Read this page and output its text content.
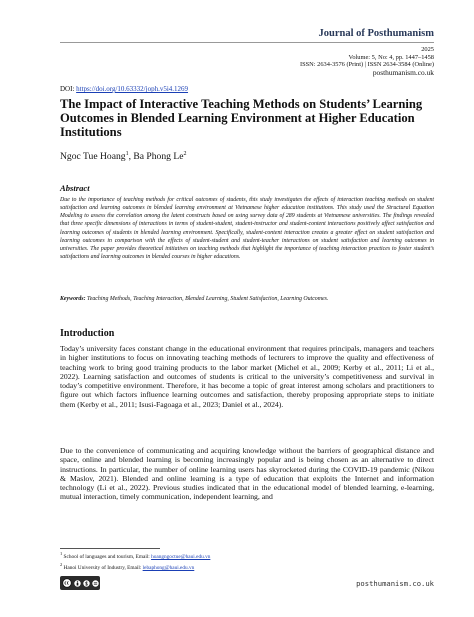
Journal of Posthumanism
2025
Volume: 5, No: 4, pp. 1447–1458
ISSN: 2634-3576 (Print) | ISSN 2634-3584 (Online)
posthumanism.co.uk
DOI: https://doi.org/10.63332/joph.v5i4.1269
The Impact of Interactive Teaching Methods on Students’ Learning Outcomes in Blended Learning Environment at Higher Education Institutions
Ngoc Tue Hoang$^1$, Ba Phong Le$^2$
Abstract

Due to the importance of teaching methods for critical outcomes of students, this study investigates the effects of interaction teaching methods on student satisfaction and learning outcomes in blended learning environment at Vietnamese higher education institutions. This study used the Structural Equation Modeling to assess the correlation among the latent constructs based on using survey data of 289 students at Vietnamese universities. The findings revealed that three specific dimensions of interactions in terms of student-student, student-instructor and student-content interactions positively affect satisfaction and learning outcomes of students in blended learning environment. Specifically, student-content interaction creates a greater effect on student satisfaction and learning outcomes in comparison with the effects of student-student and student-teacher interactions on student satisfaction and learning outcomes in universities. The paper provides theoretical initiatives on teaching methods that highlight the importance of teaching interaction practices to foster student’s satisfactions and learning outcomes in blended courses in higher educations.

Keywords: Teaching Methods, Teaching Interaction, Blended Learning, Student Satisfaction, Learning Outcomes.
Introduction

Today’s university faces constant change in the educational environment that requires principals, managers and teachers in higher institutions to focus on innovating teaching methods of lecturers to improve the quality and effectiveness of teaching work to bring good training products to the labor market (Michel et al., 2009; Kerby et al., 2011; Li et al., 2022). Learning satisfaction and outcomes of students is critical to the university’s competitiveness and survival in today’s competitive environment. Therefore, it has become a topic of great interest among scholars and practitioners to figure out which factors influence learning outcomes and satisfaction, thereby proposing appropriate steps to initiate them (Kerby et al., 2011; Isusi-Fagoaga et al., 2023; Daniel et al., 2024).

Due to the convenience of communicating and acquiring knowledge without the barriers of geographical distance and space, online and blended learning is becoming increasingly popular and is being chosen as an alternative to direct instructions. In particular, the number of online learning users has skyrocketed during the COVID-19 pandemic (Nikou & Maslov, 2021). Blended and online learning is a type of education that exploits the Internet and information technology (Li et al., 2022). Previous studies indicated that in the educational model of blended learning, e-learning, mutual interaction, timely communication, independent learning, and

$^1$ School of languages and tourism, Email: hoangngoctue@haui.edu.vn
$^2$ Hanoi University of Industry, Email: lebaphong@haui.edu.vn
posthumanism.co.uk
